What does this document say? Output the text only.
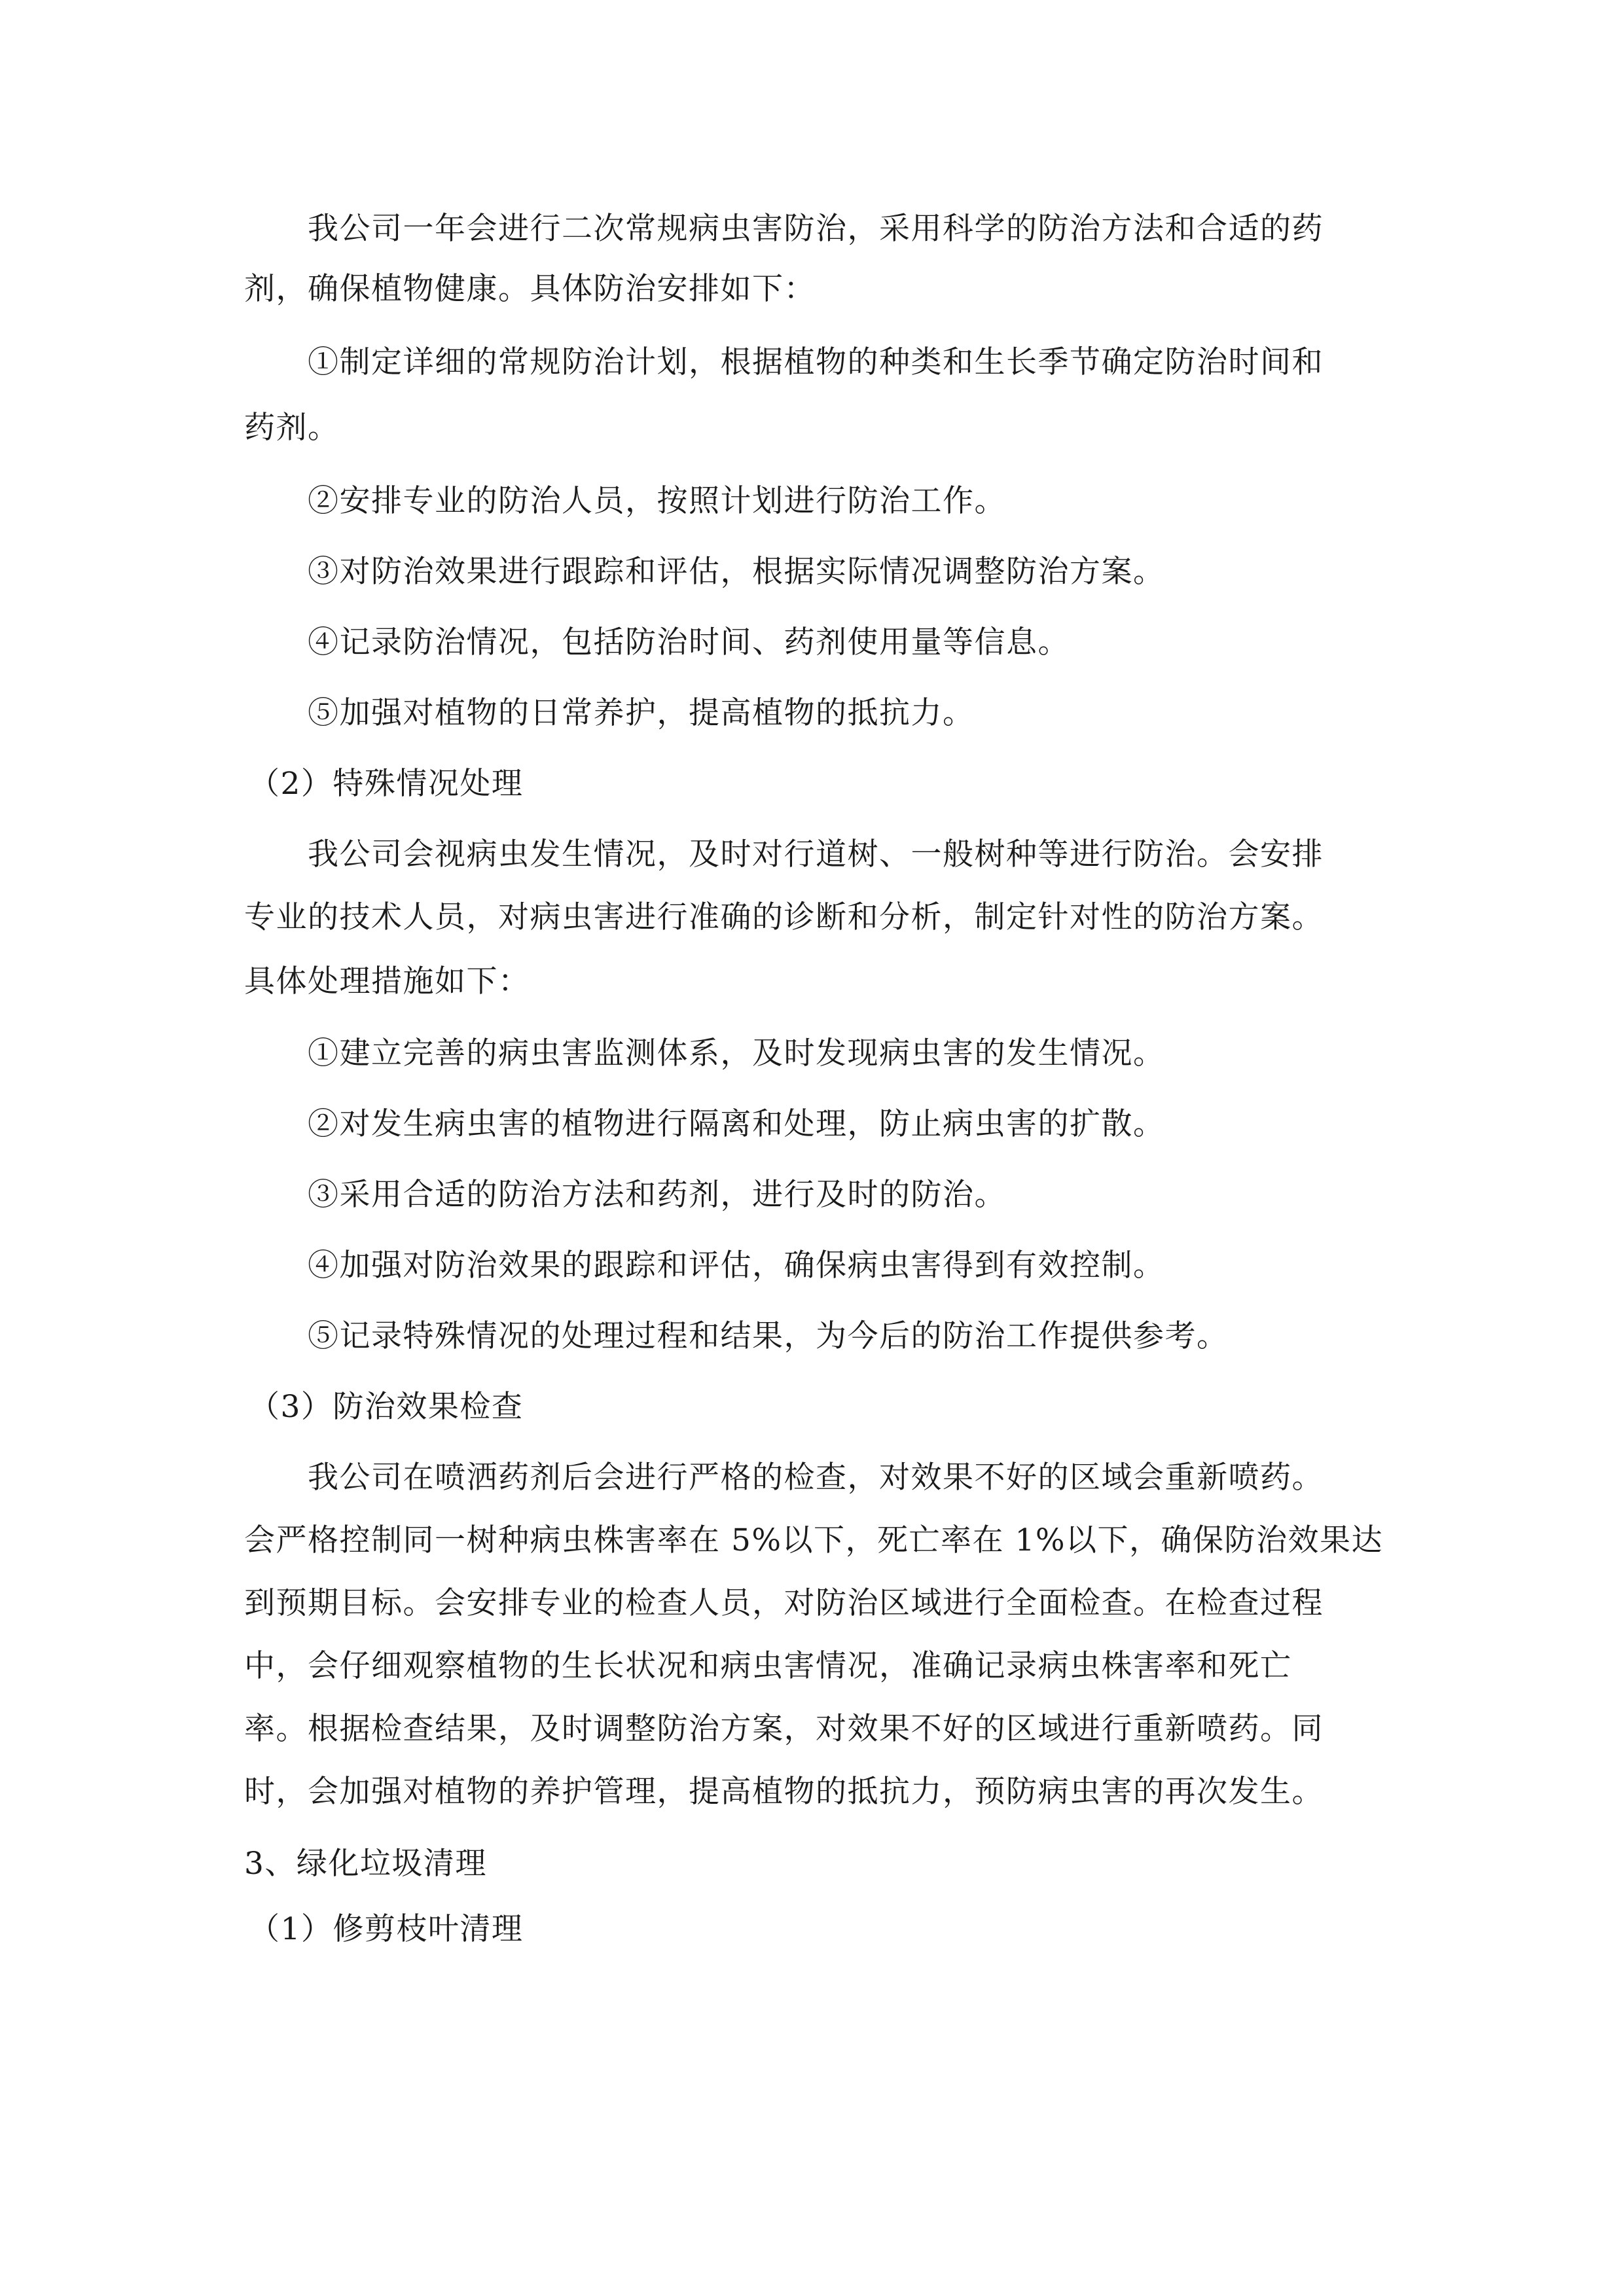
我公司一年会进行二次常规病虫害防治，采用科学的防治方法和合适的药
剂，确保植物健康。具体防治安排如下：
①制定详细的常规防治计划，根据植物的种类和生长季节确定防治时间和
药剂。
②安排专业的防治人员，按照计划进行防治工作。
③对防治效果进行跟踪和评估，根据实际情况调整防治方案。
④记录防治情况，包括防治时间、药剂使用量等信息。
⑤加强对植物的日常养护，提高植物的抵抗力。
（2）特殊情况处理
我公司会视病虫发生情况，及时对行道树、一般树种等进行防治。会安排
专业的技术人员，对病虫害进行准确的诊断和分析，制定针对性的防治方案。
具体处理措施如下：
①建立完善的病虫害监测体系，及时发现病虫害的发生情况。
②对发生病虫害的植物进行隔离和处理，防止病虫害的扩散。
③采用合适的防治方法和药剂，进行及时的防治。
④加强对防治效果的跟踪和评估，确保病虫害得到有效控制。
⑤记录特殊情况的处理过程和结果，为今后的防治工作提供参考。
（3）防治效果检查
我公司在喷洒药剂后会进行严格的检查，对效果不好的区域会重新喷药。
会严格控制同一树种病虫株害率在 5%以下，死亡率在 1%以下，确保防治效果达
到预期目标。会安排专业的检查人员，对防治区域进行全面检查。在检查过程
中，会仔细观察植物的生长状况和病虫害情况，准确记录病虫株害率和死亡
率。根据检查结果，及时调整防治方案，对效果不好的区域进行重新喷药。同
时，会加强对植物的养护管理，提高植物的抵抗力，预防病虫害的再次发生。
3、绿化垃圾清理
（1）修剪枝叶清理
